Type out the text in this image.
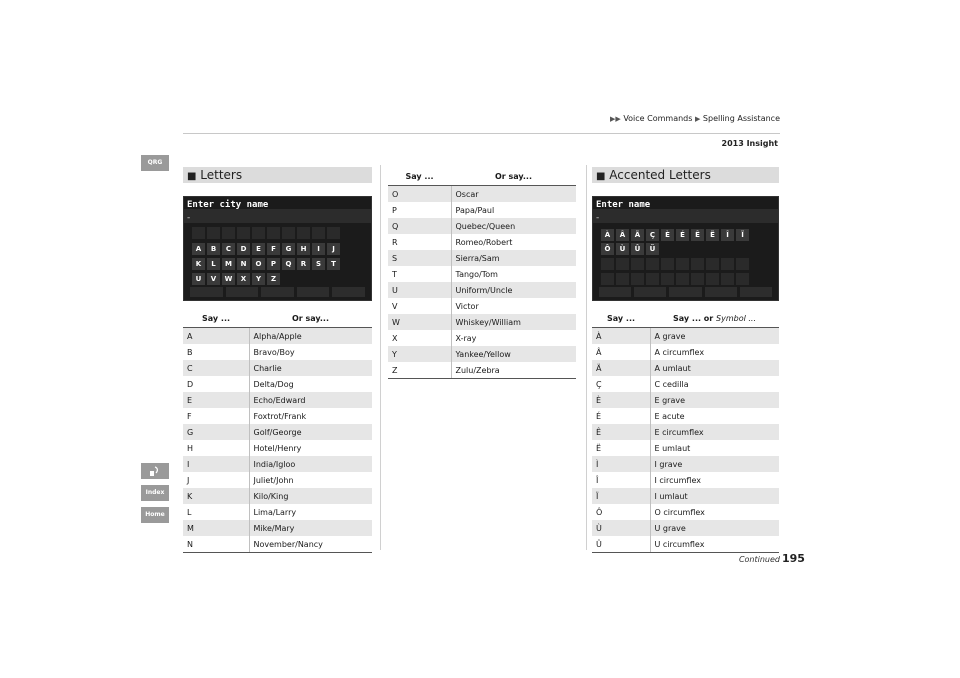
▶▶ Voice Commands ▶ Spelling Assistance
2013 Insight
QRG
Index
Home
■ Letters
Enter city name
-
A	B	C	D	E	F	G	H	I	J
K	L	M	N	O	P	Q	R	S	T
U	V	W	X	Y	Z
Say ...	Or say...
A	Alpha/Apple
B	Bravo/Boy
C	Charlie
D	Delta/Dog
E	Echo/Edward
F	Foxtrot/Frank
G	Golf/George
H	Hotel/Henry
I	India/Igloo
J	Juliet/John
K	Kilo/King
L	Lima/Larry
M	Mike/Mary
N	November/Nancy
Say ...	Or say...
O	Oscar
P	Papa/Paul
Q	Quebec/Queen
R	Romeo/Robert
S	Sierra/Sam
T	Tango/Tom
U	Uniform/Uncle
V	Victor
W	Whiskey/William
X	X-ray
Y	Yankee/Yellow
Z	Zulu/Zebra
■ Accented Letters
Enter name
-
À	Â	Ä	Ç	È	É	Ê	Ë	Î	Ï
Ô	Ù	Û	Ü
Say ...	Say ... or Symbol ...
À	A grave
Â	A circumflex
Ä	A umlaut
Ç	C cedilla
È	E grave
É	E acute
Ê	E circumflex
Ë	E umlaut
Ì	I grave
Î	I circumflex
Ï	I umlaut
Ô	O circumflex
Ù	U grave
Û	U circumflex
Continued 195
